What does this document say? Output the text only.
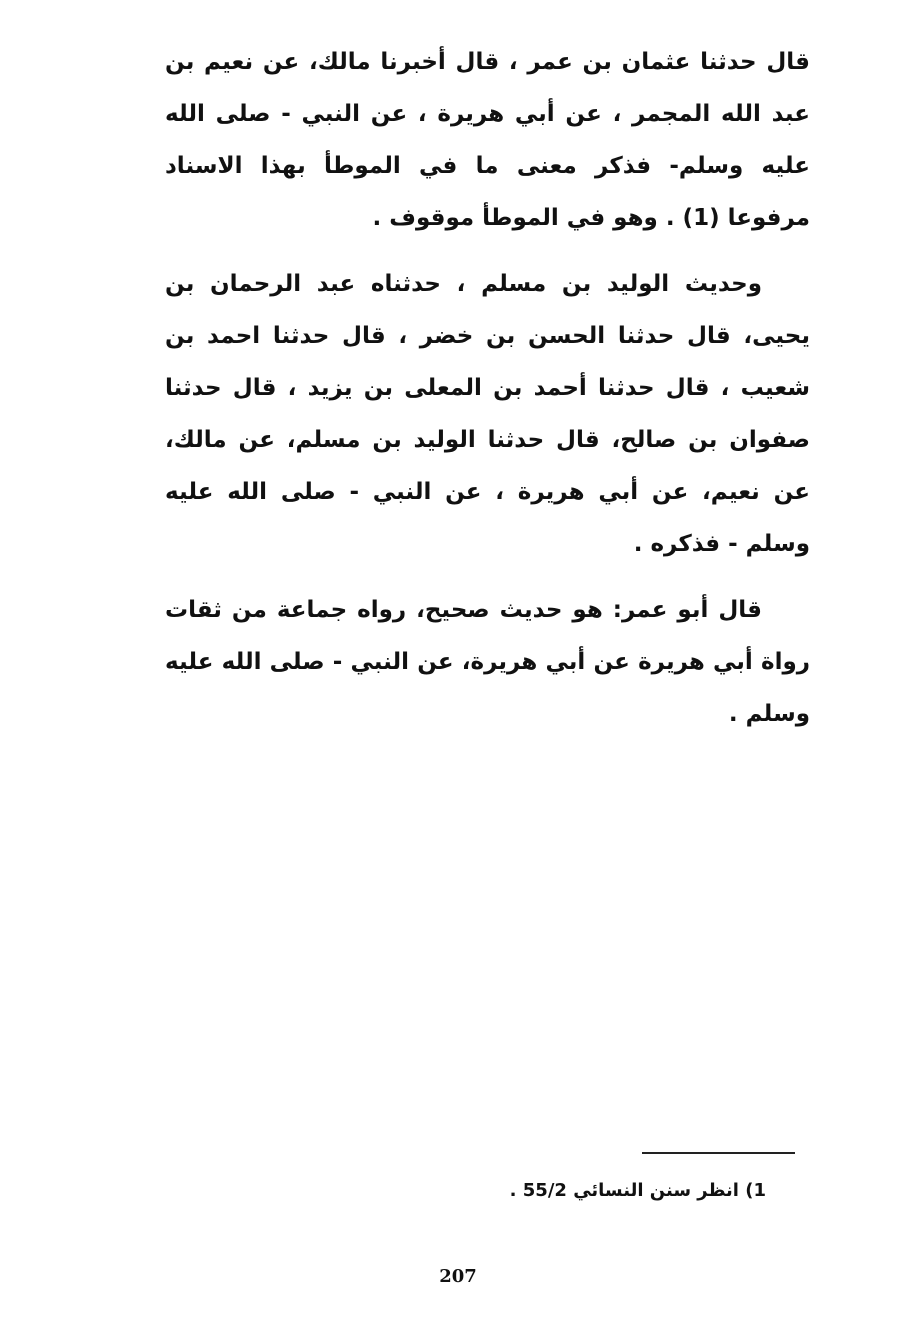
قال حدثنا عثمان بن عمر ، قال أخبرنا مالك، عن نعيم بن عبد الله المجمر ، عن أبي هريرة ، عن النبي - صلى الله عليه وسلم- فذكر معنى ما في الموطأ بهذا الاسناد مرفوعا (1) . وهو في الموطأ موقوف .

وحديث الوليد بن مسلم ، حدثناه عبد الرحمان بن يحيى، قال حدثنا الحسن بن خضر ، قال حدثنا احمد بن شعيب ، قال حدثنا أحمد بن المعلى بن يزيد ، قال حدثنا صفوان بن صالح، قال حدثنا الوليد بن مسلم، عن مالك، عن نعيم، عن أبي هريرة ، عن النبي - صلى الله عليه وسلم - فذكره .

قال أبو عمر: هو حديث صحيح، رواه جماعة من ثقات رواة أبي هريرة عن أبي هريرة، عن النبي - صلى الله عليه وسلم .

1) انظر سنن النسائي 55/2 .
207
